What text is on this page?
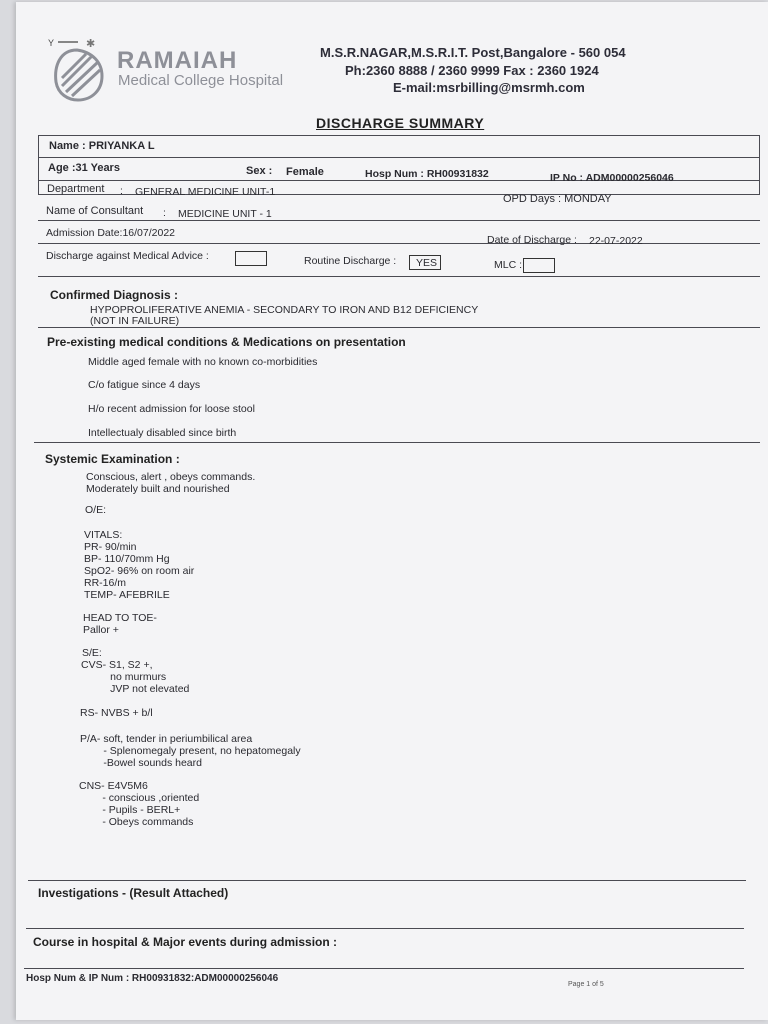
Y	✱
RAMAIAH
Medical College Hospital
M.S.R.NAGAR,M.S.R.I.T. Post,Bangalore - 560 054
Ph:2360 8888 / 2360 9999 Fax : 2360 1924
E-mail:msrbilling@msrmh.com
DISCHARGE SUMMARY
Name : PRIYANKA L
Age :31 Years	Sex : Female	Hosp Num : RH00931832	IP No : ADM00000256046
Department : GENERAL MEDICINE UNIT-1
OPD Days : MONDAY
Name of Consultant : MEDICINE UNIT - 1
Admission Date:16/07/2022
Date of Discharge : 22-07-2022
Discharge against Medical Advice :	Routine Discharge : YES	MLC :
Confirmed Diagnosis :
HYPOPROLIFERATIVE ANEMIA - SECONDARY TO IRON AND B12 DEFICIENCY
(NOT IN FAILURE)
Pre-existing medical conditions & Medications on presentation
Middle aged female with no known co-morbidities
C/o fatigue since 4 days
H/o recent admission for loose stool
Intellectualy disabled since birth
Systemic Examination :
Conscious, alert , obeys commands.
Moderately built and nourished
O/E:
VITALS:
PR- 90/min
BP- 110/70mm Hg
SpO2- 96% on room air
RR-16/m
TEMP- AFEBRILE
HEAD TO TOE-
Pallor +
S/E:
CVS- S1, S2 +,
no murmurs
JVP not elevated
RS- NVBS + b/l
P/A- soft, tender in periumbilical area
- Splenomegaly present, no hepatomegaly
-Bowel sounds heard
CNS- E4V5M6
- conscious ,oriented
- Pupils - BERL+
- Obeys commands
Investigations - (Result Attached)
Course in hospital & Major events during admission :
Hosp Num & IP Num : RH00931832:ADM00000256046
Page 1 of 5
